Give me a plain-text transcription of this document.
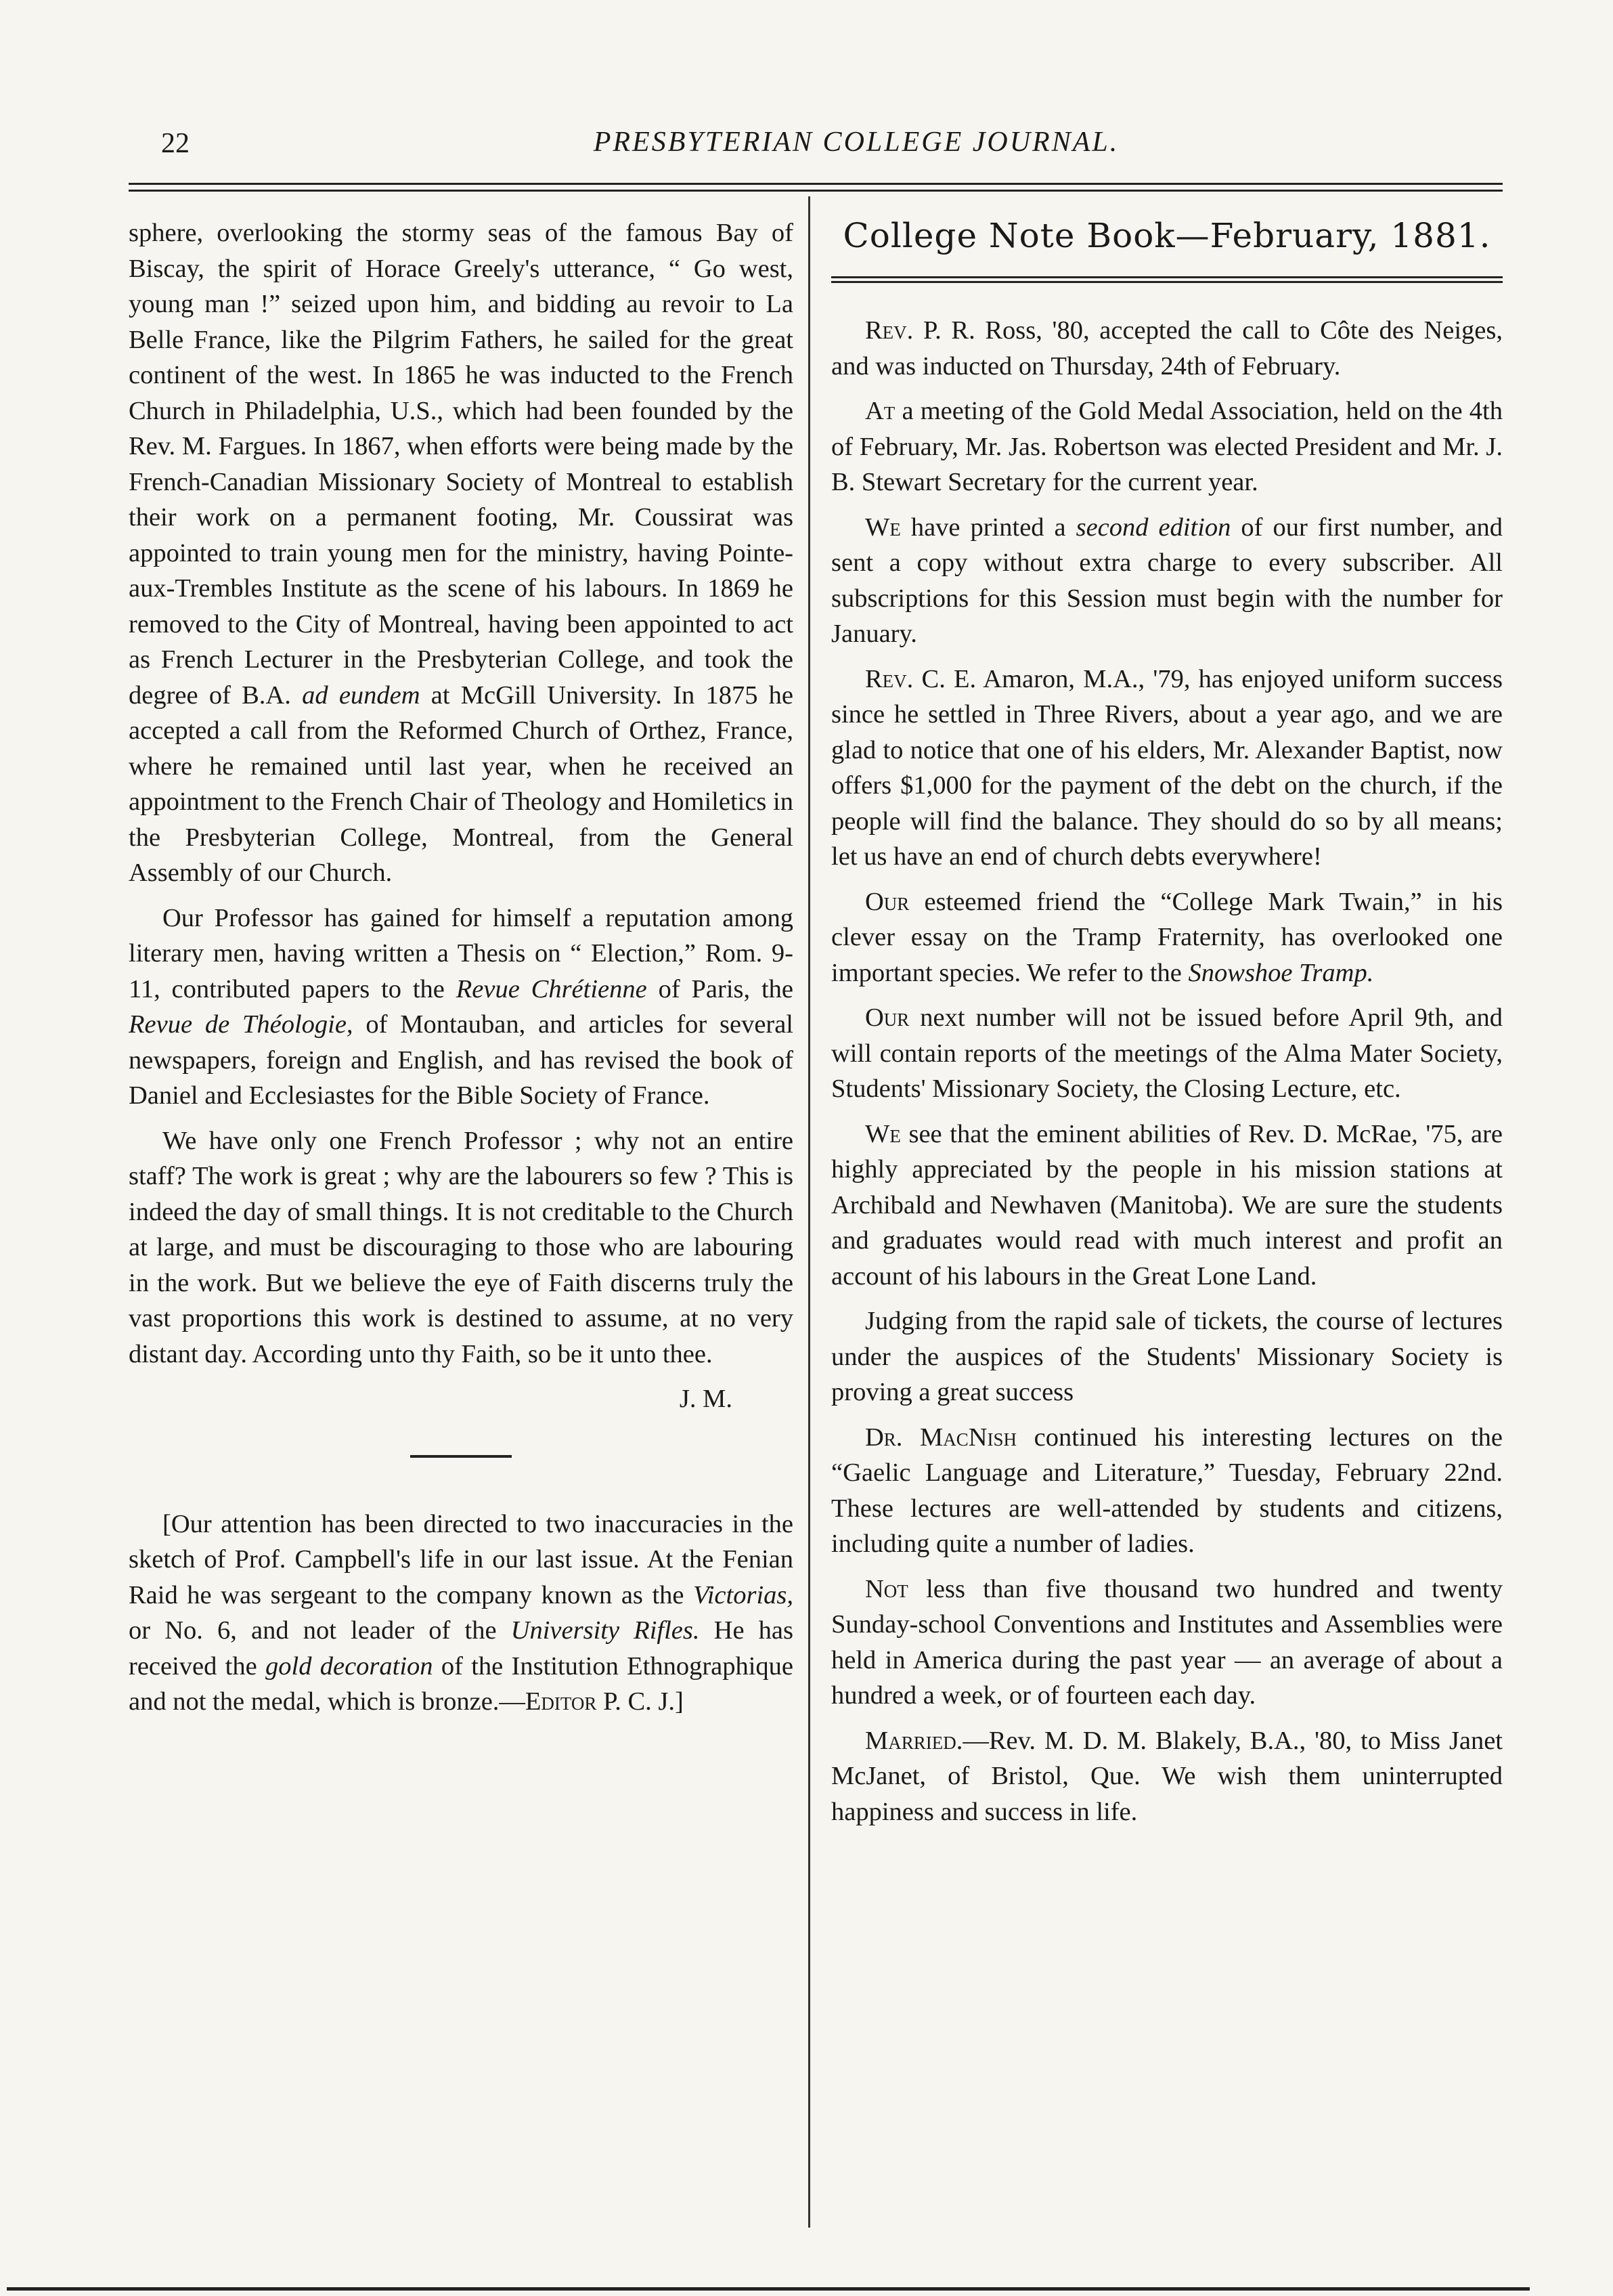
22	PRESBYTERIAN COLLEGE JOURNAL.

sphere, overlooking the stormy seas of the famous Bay of Biscay, the spirit of Horace Greely's utterance, “ Go west, young man !” seized upon him, and bidding au revoir to La Belle France, like the Pilgrim Fathers, he sailed for the great continent of the west. In 1865 he was inducted to the French Church in Philadelphia, U.S., which had been founded by the Rev. M. Fargues. In 1867, when efforts were being made by the French-Canadian Missionary Society of Montreal to establish their work on a permanent footing, Mr. Coussirat was appointed to train young men for the ministry, having Pointe-aux-Trembles Institute as the scene of his labours. In 1869 he removed to the City of Montreal, having been appointed to act as French Lecturer in the Presbyterian College, and took the degree of B.A. ad eundem at McGill University. In 1875 he accepted a call from the Reformed Church of Orthez, France, where he remained until last year, when he received an appointment to the French Chair of Theology and Homiletics in the Presbyterian College, Montreal, from the General Assembly of our Church.

Our Professor has gained for himself a reputation among literary men, having written a Thesis on “ Election,” Rom. 9-11, contributed papers to the Revue Chrétienne of Paris, the Revue de Théologie, of Montauban, and articles for several newspapers, foreign and English, and has revised the book of Daniel and Ecclesiastes for the Bible Society of France.

We have only one French Professor ; why not an entire staff? The work is great ; why are the labourers so few ? This is indeed the day of small things. It is not creditable to the Church at large, and must be discouraging to those who are labouring in the work. But we believe the eye of Faith discerns truly the vast proportions this work is destined to assume, at no very distant day. According unto thy Faith, so be it unto thee.

J. M.

[Our attention has been directed to two inaccuracies in the sketch of Prof. Campbell's life in our last issue. At the Fenian Raid he was sergeant to the company known as the Victorias, or No. 6, and not leader of the University Rifles. He has received the gold decoration of the Institution Ethnographique and not the medal, which is bronze.—Editor P. C. J.]

College Note Book—February, 1881.

Rev. P. R. Ross, '80, accepted the call to Côte des Neiges, and was inducted on Thursday, 24th of February.

At a meeting of the Gold Medal Association, held on the 4th of February, Mr. Jas. Robertson was elected President and Mr. J. B. Stewart Secretary for the current year.

We have printed a second edition of our first number, and sent a copy without extra charge to every subscriber. All subscriptions for this Session must begin with the number for January.

Rev. C. E. Amaron, M.A., '79, has enjoyed uniform success since he settled in Three Rivers, about a year ago, and we are glad to notice that one of his elders, Mr. Alexander Baptist, now offers $1,000 for the payment of the debt on the church, if the people will find the balance. They should do so by all means; let us have an end of church debts everywhere!

Our esteemed friend the “College Mark Twain,” in his clever essay on the Tramp Fraternity, has overlooked one important species. We refer to the Snowshoe Tramp.

Our next number will not be issued before April 9th, and will contain reports of the meetings of the Alma Mater Society, Students' Missionary Society, the Closing Lecture, etc.

We see that the eminent abilities of Rev. D. McRae, '75, are highly appreciated by the people in his mission stations at Archibald and Newhaven (Manitoba). We are sure the students and graduates would read with much interest and profit an account of his labours in the Great Lone Land.

Judging from the rapid sale of tickets, the course of lectures under the auspices of the Students' Missionary Society is proving a great success

Dr. MacNish continued his interesting lectures on the “Gaelic Language and Literature,” Tuesday, February 22nd. These lectures are well-attended by students and citizens, including quite a number of ladies.

Not less than five thousand two hundred and twenty Sunday-school Conventions and Institutes and Assemblies were held in America during the past year — an average of about a hundred a week, or of fourteen each day.

Married.—Rev. M. D. M. Blakely, B.A., '80, to Miss Janet McJanet, of Bristol, Que. We wish them uninterrupted happiness and success in life.
